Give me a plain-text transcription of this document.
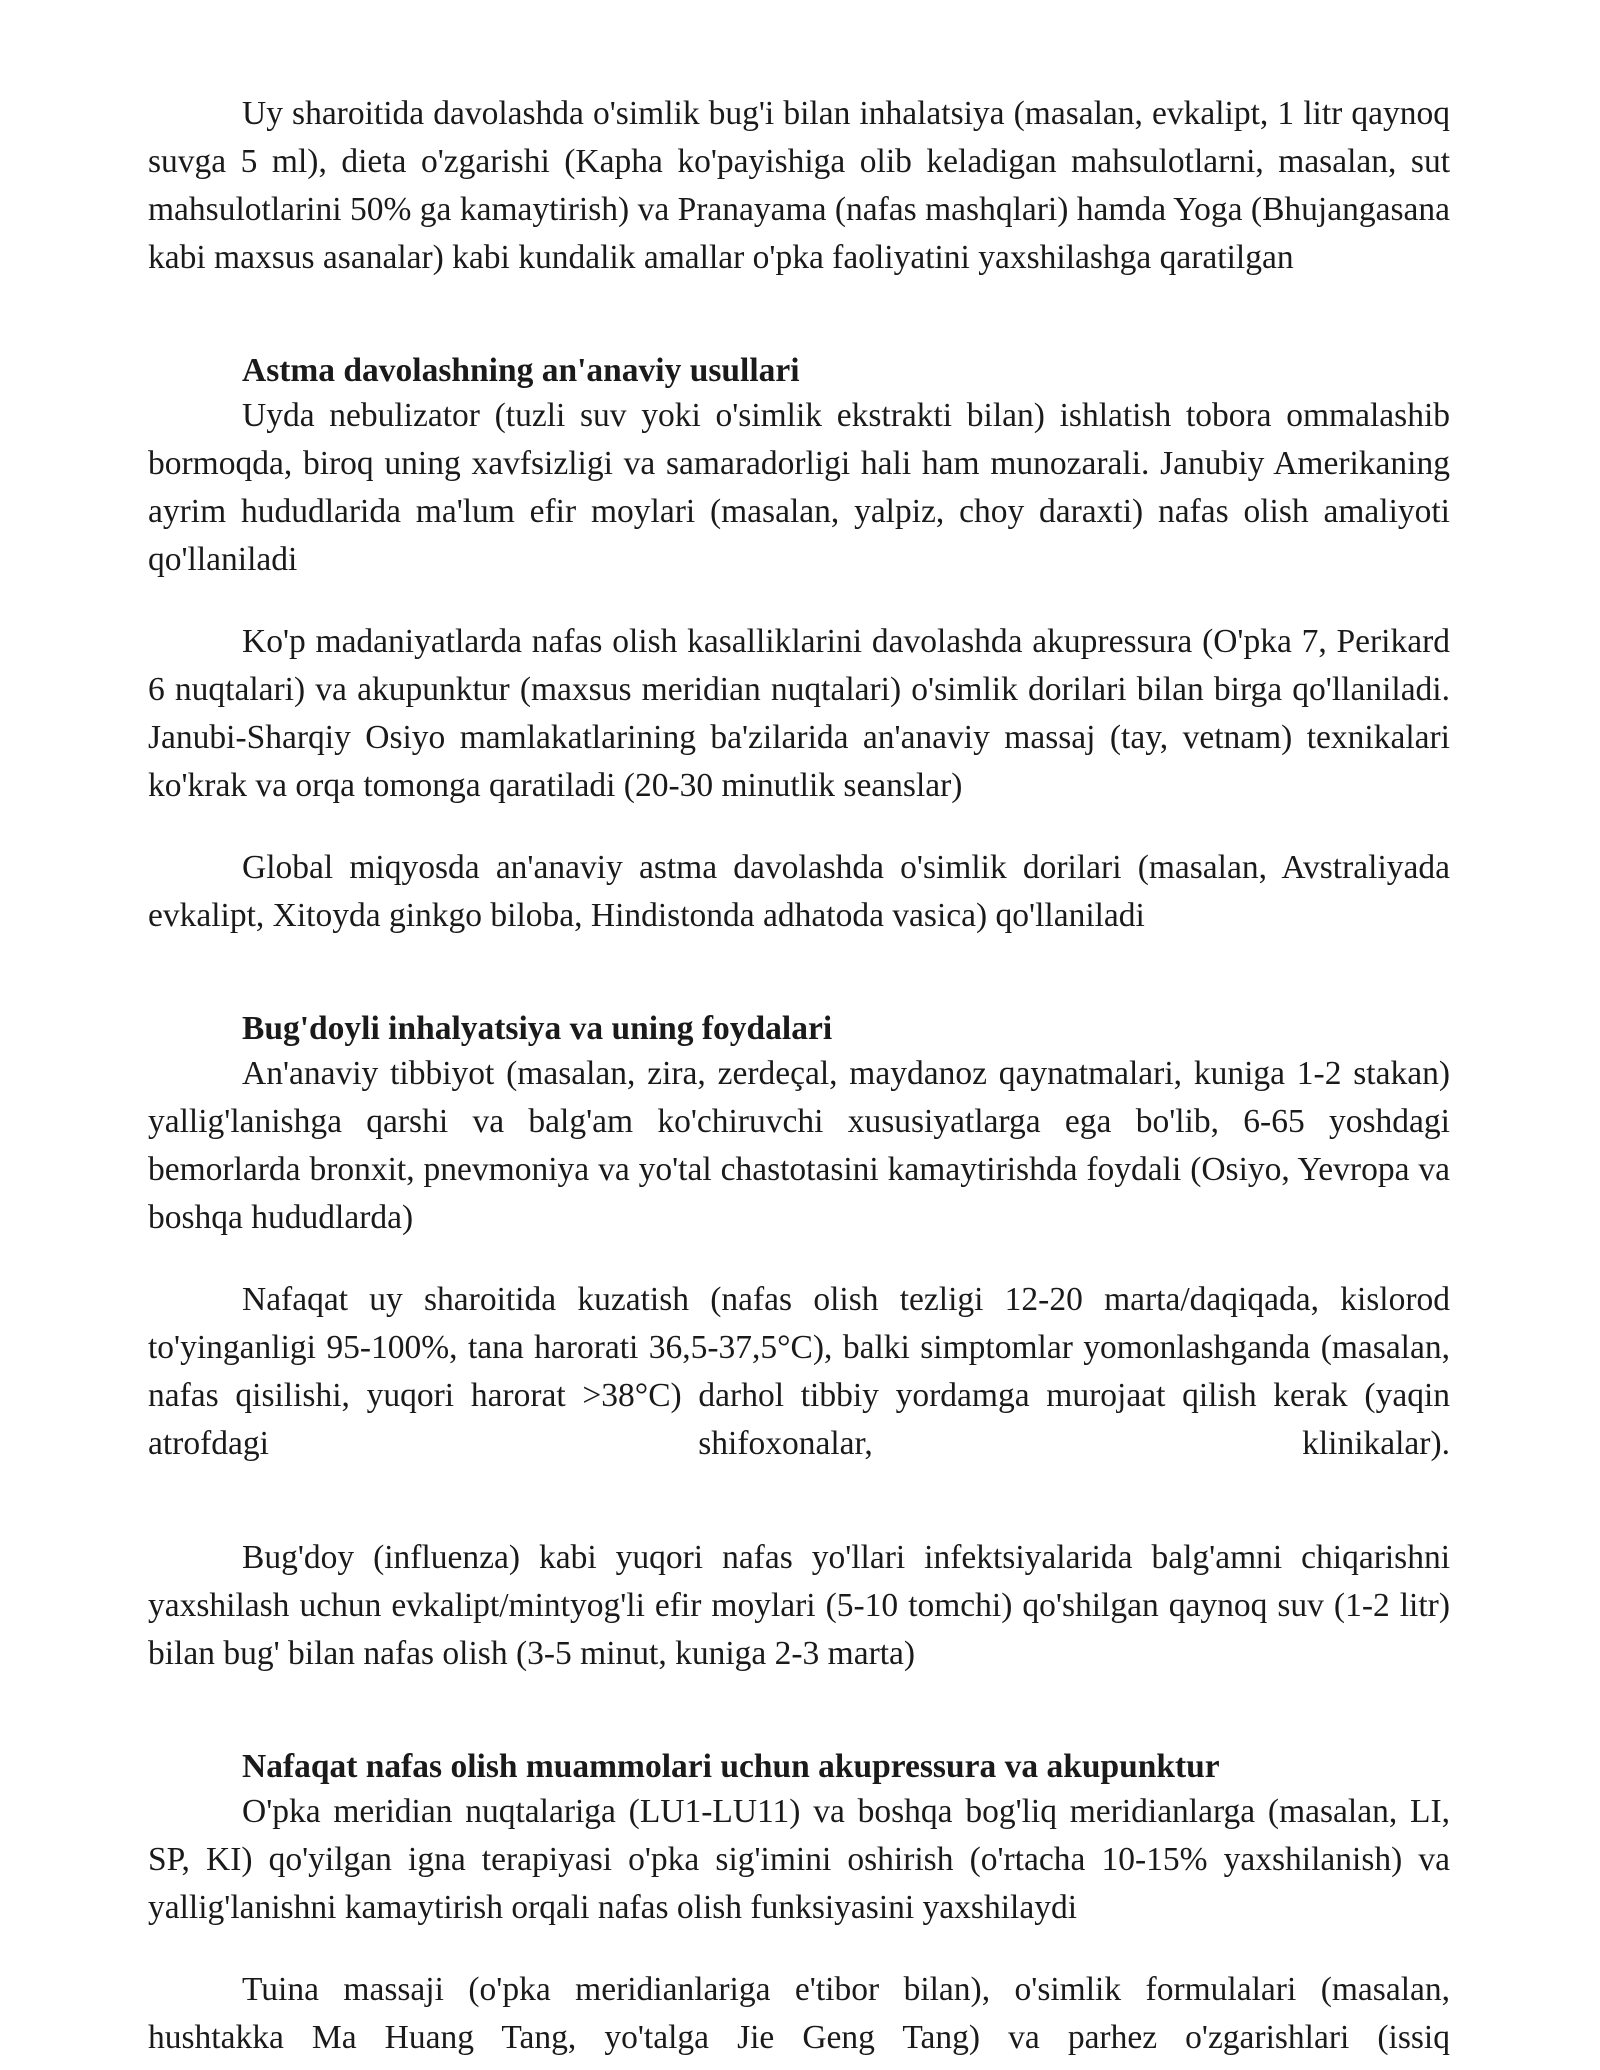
Uy sharoitida davolashda o'simlik bug'i bilan inhalatsiya (masalan, evkalipt, 1 litr qaynoq suvga 5 ml), dieta o'zgarishi (Kapha ko'payishiga olib keladigan mahsulotlarni, masalan, sut mahsulotlarini 50% ga kamaytirish) va Pranayama (nafas mashqlari) hamda Yoga (Bhujangasana kabi maxsus asanalar) kabi kundalik amallar o'pka faoliyatini yaxshilashga qaratilgan

Astma davolashning an'anaviy usullari

Uyda nebulizator (tuzli suv yoki o'simlik ekstrakti bilan) ishlatish tobora ommalashib bormoqda, biroq uning xavfsizligi va samaradorligi hali ham munozarali. Janubiy Amerikaning ayrim hududlarida ma'lum efir moylari (masalan, yalpiz, choy daraxti) nafas olish amaliyoti qo'llaniladi

Ko'p madaniyatlarda nafas olish kasalliklarini davolashda akupressura (O'pka 7, Perikard 6 nuqtalari) va akupunktur (maxsus meridian nuqtalari) o'simlik dorilari bilan birga qo'llaniladi. Janubi-Sharqiy Osiyo mamlakatlarining ba'zilarida an'anaviy massaj (tay, vetnam) texnikalari ko'krak va orqa tomonga qaratiladi (20-30 minutlik seanslar)

Global miqyosda an'anaviy astma davolashda o'simlik dorilari (masalan, Avstraliyada evkalipt, Xitoyda ginkgo biloba, Hindistonda adhatoda vasica) qo'llaniladi

Bug'doyli inhalyatsiya va uning foydalari

An'anaviy tibbiyot (masalan, zira, zerdeçal, maydanoz qaynatmalari, kuniga 1-2 stakan) yallig'lanishga qarshi va balg'am ko'chiruvchi xususiyatlarga ega bo'lib, 6-65 yoshdagi bemorlarda bronxit, pnevmoniya va yo'tal chastotasini kamaytirishda foydali (Osiyo, Yevropa va boshqa hududlarda)

Nafaqat uy sharoitida kuzatish (nafas olish tezligi 12-20 marta/daqiqada, kislorod to'yinganligi 95-100%, tana harorati 36,5-37,5°C), balki simptomlar yomonlashganda (masalan, nafas qisilishi, yuqori harorat >38°C) darhol tibbiy yordamga murojaat qilish kerak (yaqin atrofdagi shifoxonalar, klinikalar).

Bug'doy (influenza) kabi yuqori nafas yo'llari infektsiyalarida balg'amni chiqarishni yaxshilash uchun evkalipt/mintyog'li efir moylari (5-10 tomchi) qo'shilgan qaynoq suv (1-2 litr) bilan bug' bilan nafas olish (3-5 minut, kuniga 2-3 marta)

Nafaqat nafas olish muammolari uchun akupressura va akupunktur

O'pka meridian nuqtalariga (LU1-LU11) va boshqa bog'liq meridianlarga (masalan, LI, SP, KI) qo'yilgan igna terapiyasi o'pka sig'imini oshirish (o'rtacha 10-15% yaxshilanish) va yallig'lanishni kamaytirish orqali nafas olish funksiyasini yaxshilaydi

Tuina massaji (o'pka meridianlariga e'tibor bilan), o'simlik formulalari (masalan, hushtakka Ma Huang Tang, yo'talga Jie Geng Tang) va parhez o'zgarishlari (issiq
